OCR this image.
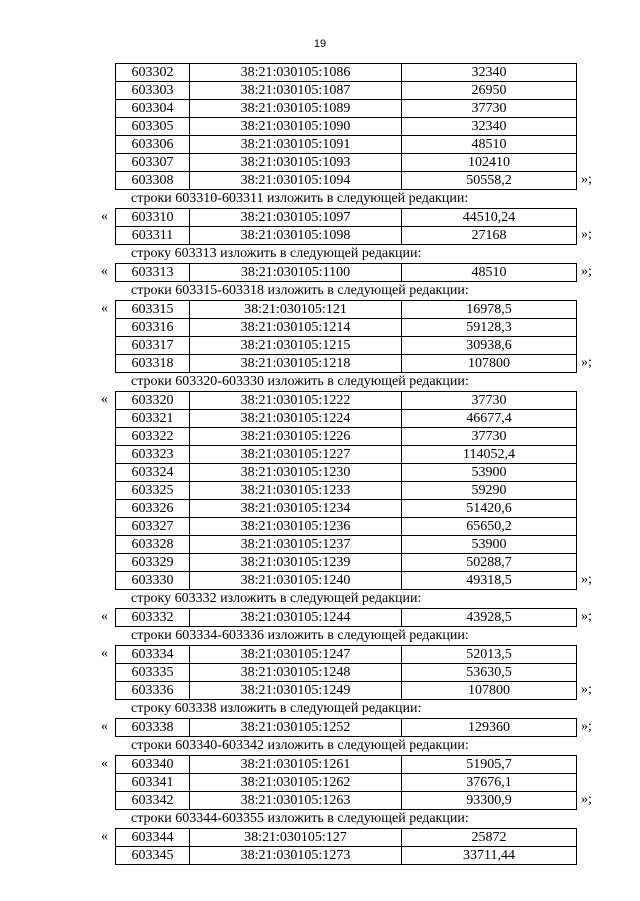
19
603302	38:21:030105:1086	32340
603303	38:21:030105:1087	26950
603304	38:21:030105:1089	37730
603305	38:21:030105:1090	32340
603306	38:21:030105:1091	48510
603307	38:21:030105:1093	102410
603308	38:21:030105:1094	50558,2	»;
строки 603310-603311 изложить в следующей редакции:
« 603310	38:21:030105:1097	44510,24
603311	38:21:030105:1098	27168	»;
строку 603313 изложить в следующей редакции:
« 603313	38:21:030105:1100	48510	»;
строки 603315-603318 изложить в следующей редакции:
« 603315	38:21:030105:121	16978,5
603316	38:21:030105:1214	59128,3
603317	38:21:030105:1215	30938,6
603318	38:21:030105:1218	107800	»;
строки 603320-603330 изложить в следующей редакции:
« 603320	38:21:030105:1222	37730
603321	38:21:030105:1224	46677,4
603322	38:21:030105:1226	37730
603323	38:21:030105:1227	114052,4
603324	38:21:030105:1230	53900
603325	38:21:030105:1233	59290
603326	38:21:030105:1234	51420,6
603327	38:21:030105:1236	65650,2
603328	38:21:030105:1237	53900
603329	38:21:030105:1239	50288,7
603330	38:21:030105:1240	49318,5	»;
строку 603332 изложить в следующей редакции:
« 603332	38:21:030105:1244	43928,5	»;
строки 603334-603336 изложить в следующей редакции:
« 603334	38:21:030105:1247	52013,5
603335	38:21:030105:1248	53630,5
603336	38:21:030105:1249	107800	»;
строку 603338 изложить в следующей редакции:
« 603338	38:21:030105:1252	129360	»;
строки 603340-603342 изложить в следующей редакции:
« 603340	38:21:030105:1261	51905,7
603341	38:21:030105:1262	37676,1
603342	38:21:030105:1263	93300,9	»;
строки 603344-603355 изложить в следующей редакции:
« 603344	38:21:030105:127	25872
603345	38:21:030105:1273	33711,44
